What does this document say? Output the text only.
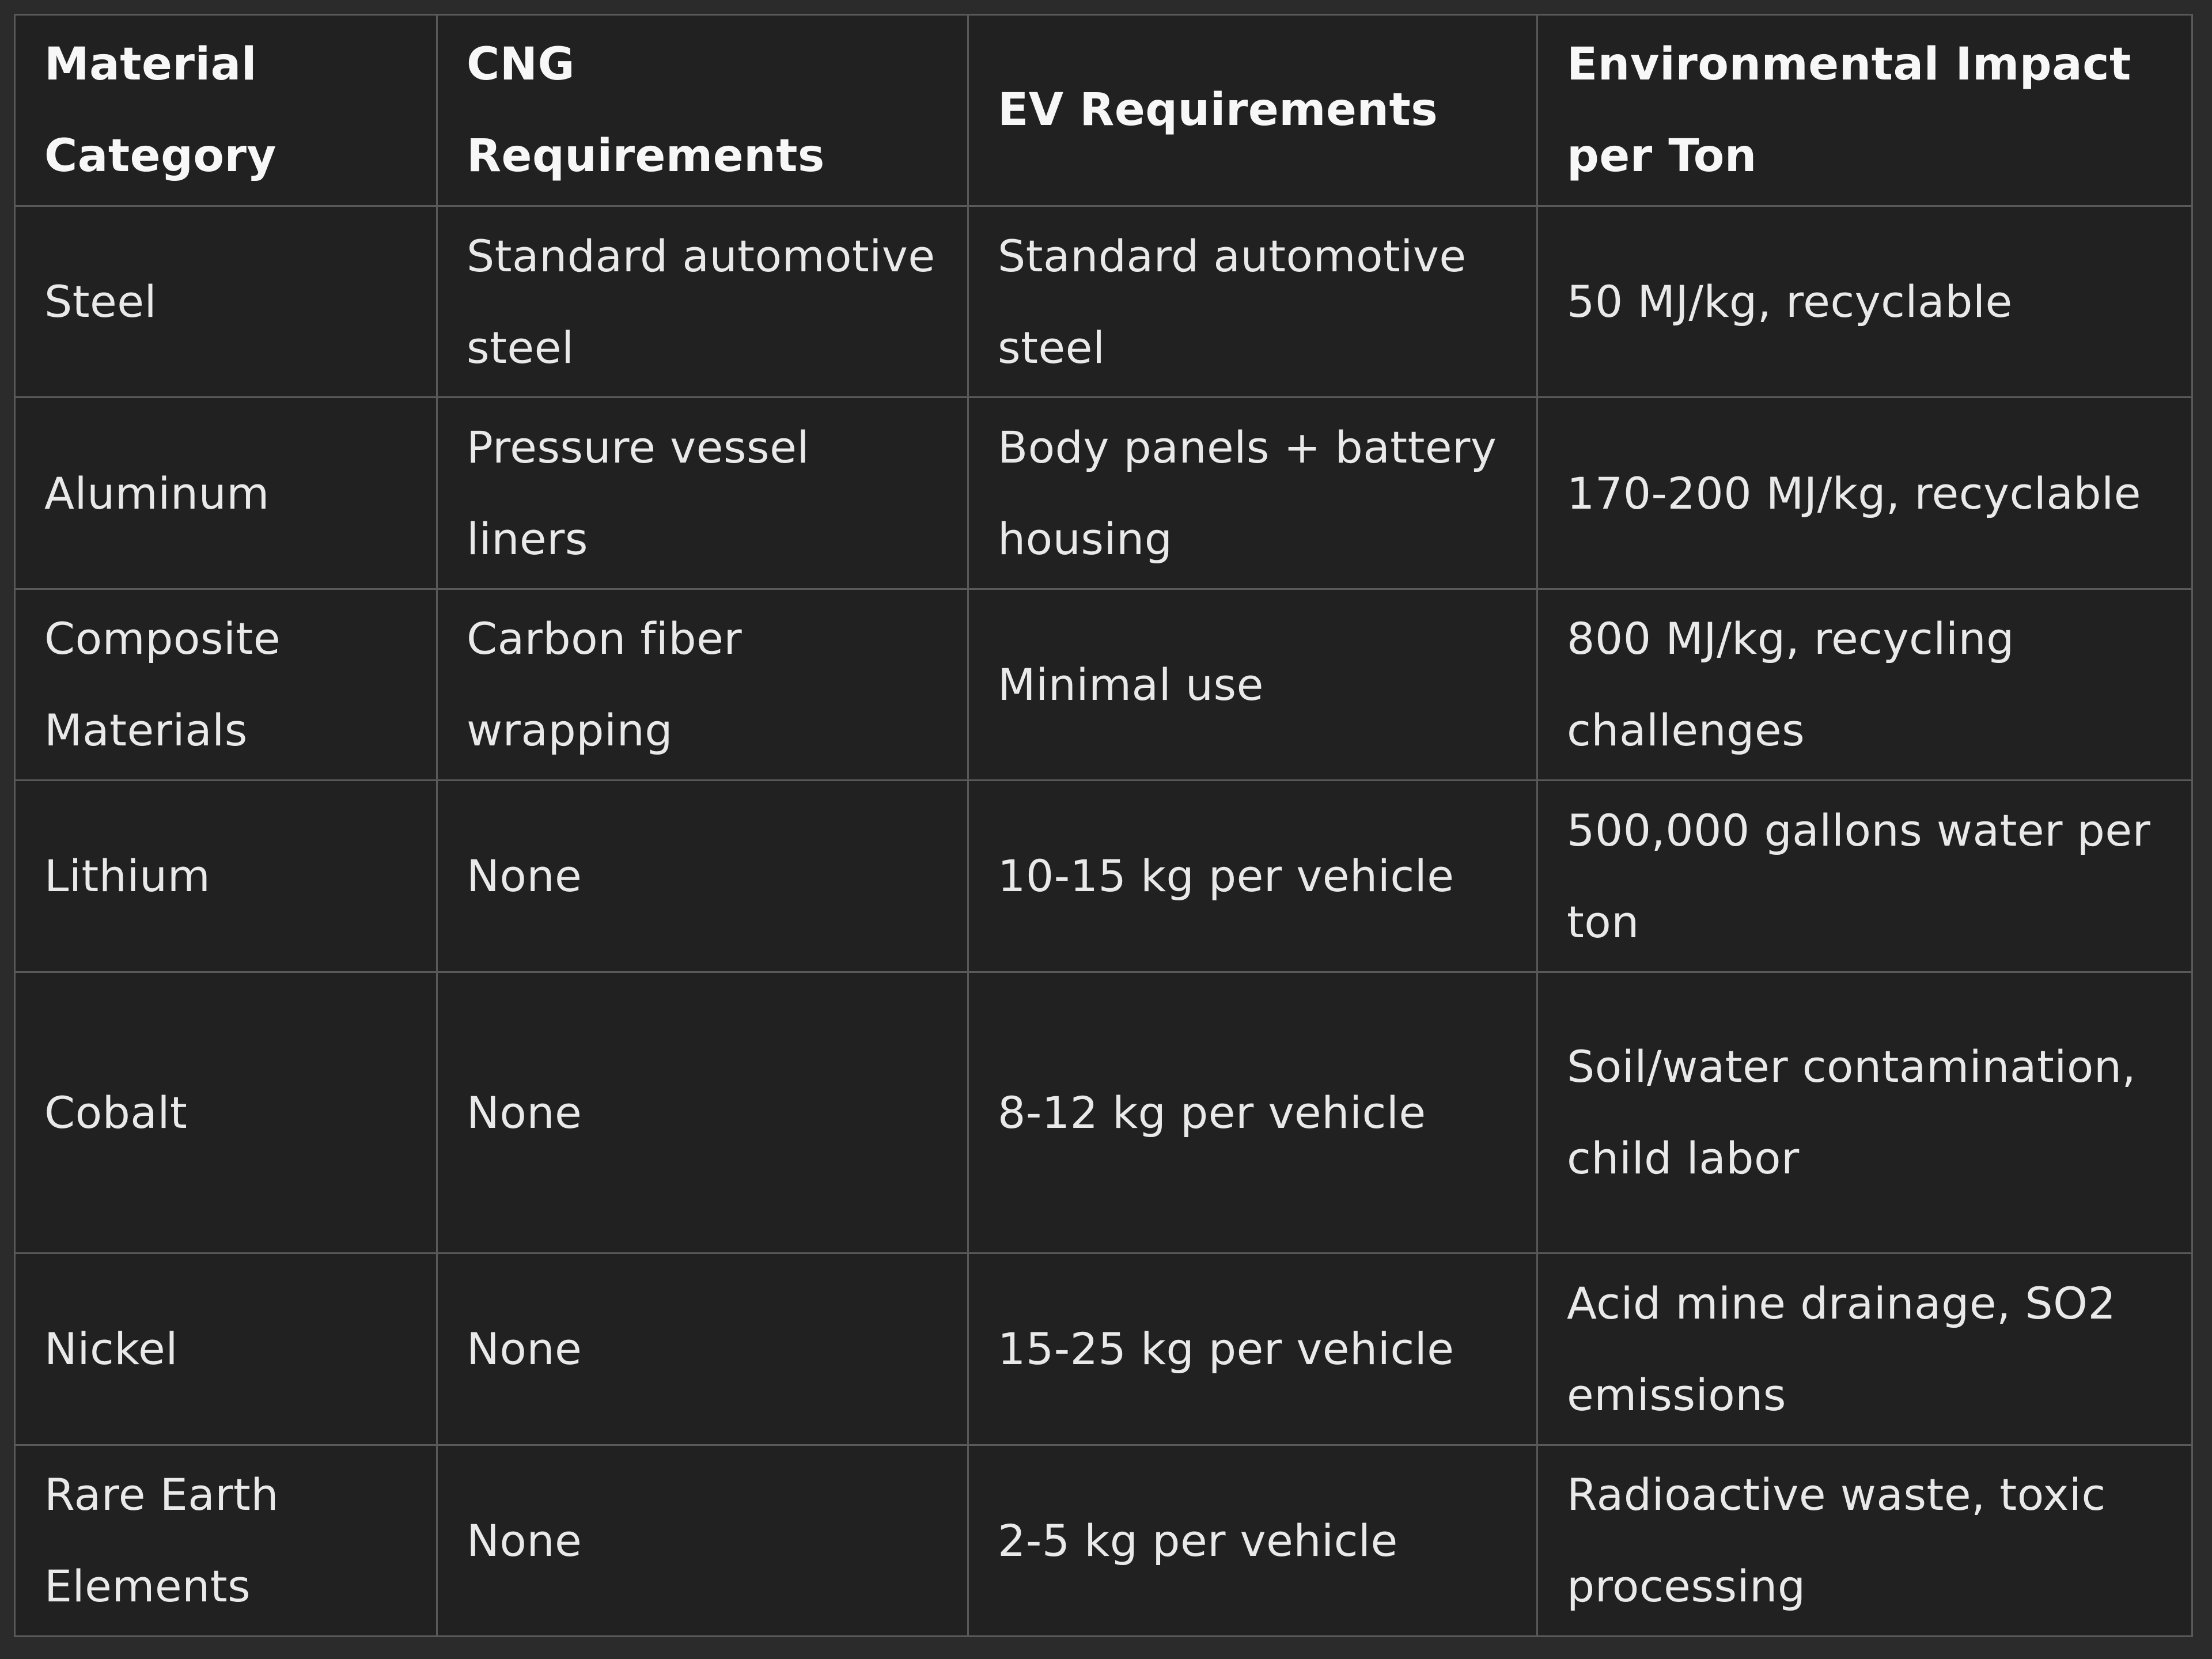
Material Category	CNG Requirements	EV Requirements	Environmental Impact per Ton
Steel	Standard automotive steel	Standard automotive steel	50 MJ/kg, recyclable
Aluminum	Pressure vessel liners	Body panels + battery housing	170-200 MJ/kg, recyclable
Composite Materials	Carbon fiber wrapping	Minimal use	800 MJ/kg, recycling challenges
Lithium	None	10-15 kg per vehicle	500,000 gallons water per ton
Cobalt	None	8-12 kg per vehicle	Soil/water contamination, child labor
Nickel	None	15-25 kg per vehicle	Acid mine drainage, SO2 emissions
Rare Earth Elements	None	2-5 kg per vehicle	Radioactive waste, toxic processing
